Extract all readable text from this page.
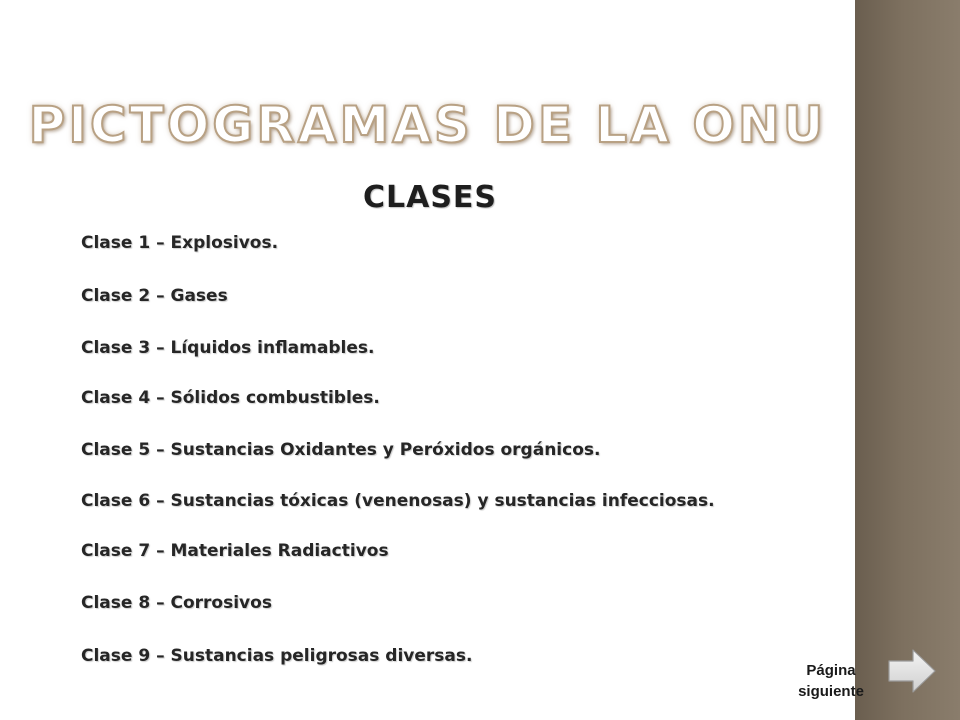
PICTOGRAMAS DE LA ONU
CLASES
Clase 1 – Explosivos.
Clase 2 – Gases
Clase 3 – Líquidos inflamables.
Clase 4 – Sólidos combustibles.
Clase 5 – Sustancias Oxidantes y Peróxidos orgánicos.
Clase 6 – Sustancias tóxicas (venenosas) y sustancias infecciosas.
Clase 7 – Materiales Radiactivos
Clase 8 – Corrosivos
Clase 9 – Sustancias peligrosas diversas.
Página
siguiente
